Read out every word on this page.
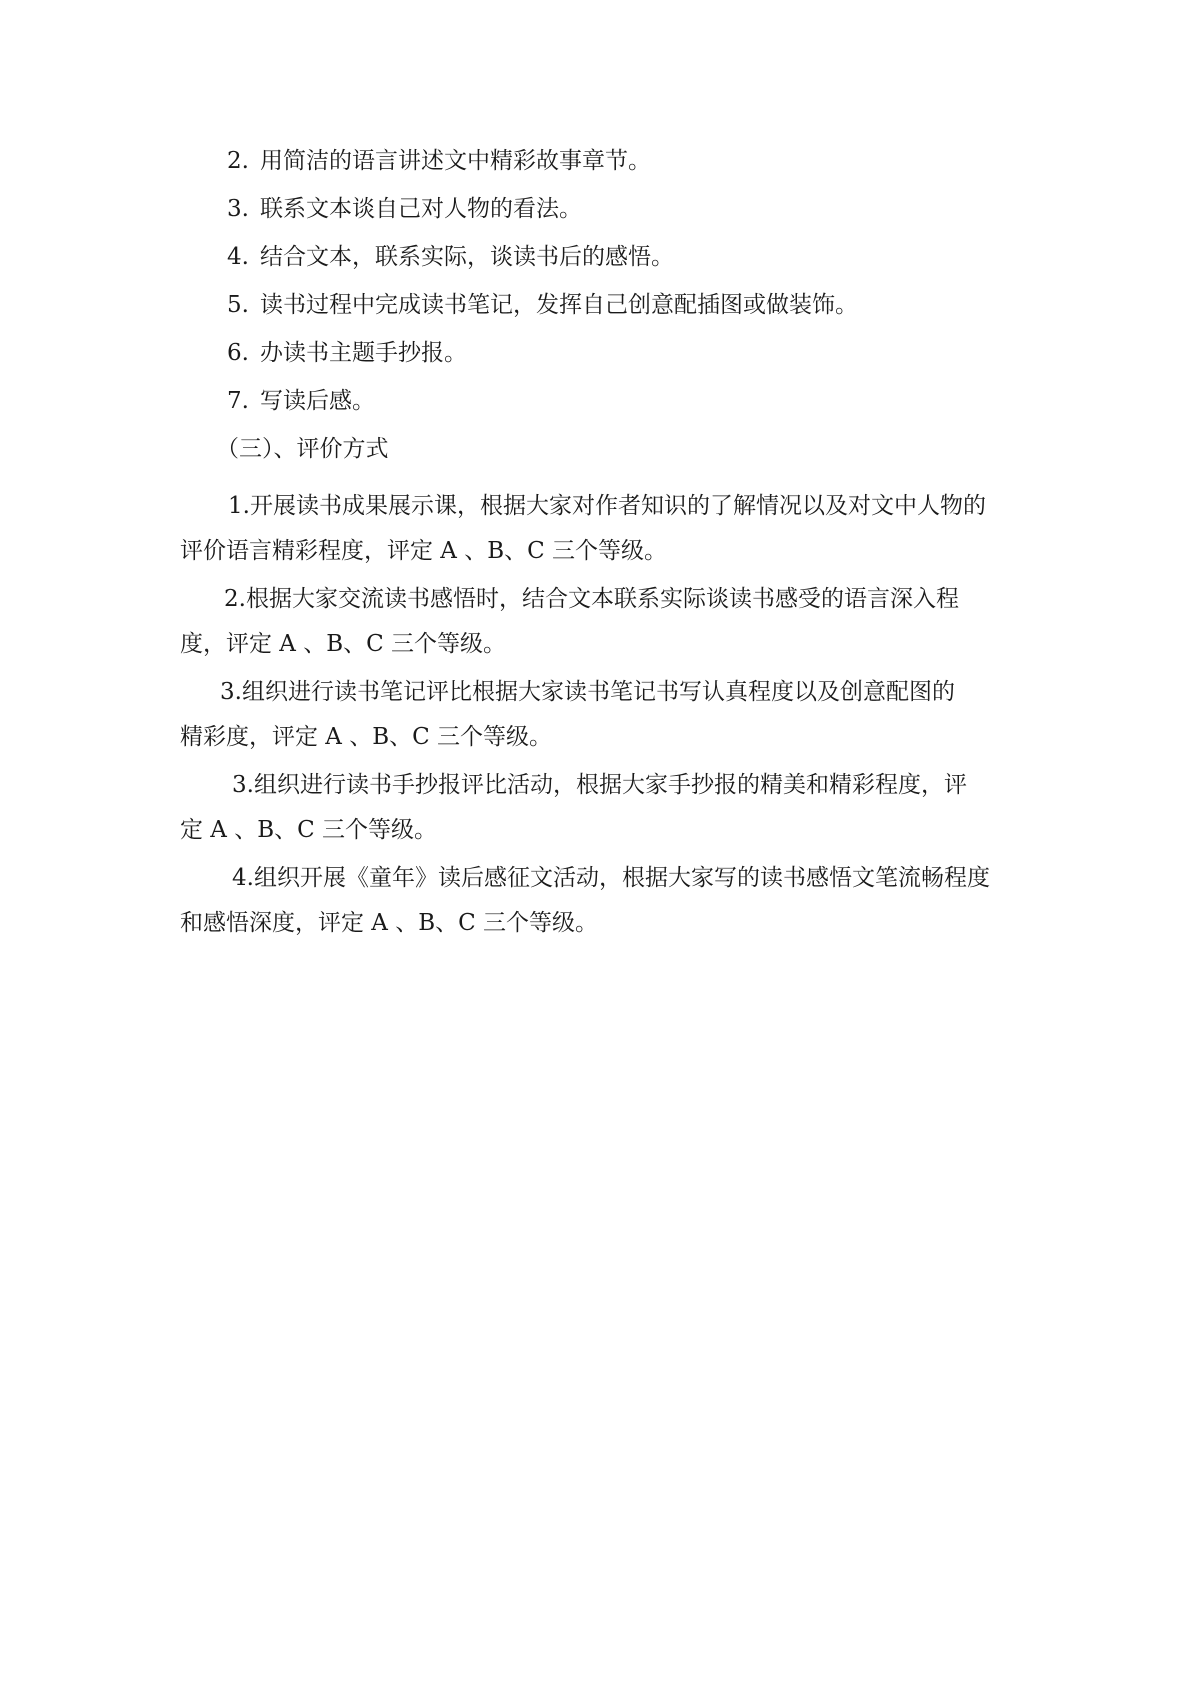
2. 用简洁的语言讲述文中精彩故事章节。
3. 联系文本谈自己对人物的看法。
4. 结合文本，联系实际，谈读书后的感悟。
5. 读书过程中完成读书笔记，发挥自己创意配插图或做装饰。
6. 办读书主题手抄报。
7. 写读后感。
（三）、评价方式
1.开展读书成果展示课，根据大家对作者知识的了解情况以及对文中人物的
评价语言精彩程度，评定 A 、B、C 三个等级。
2.根据大家交流读书感悟时，结合文本联系实际谈读书感受的语言深入程
度，评定 A 、B、C 三个等级。
3.组织进行读书笔记评比根据大家读书笔记书写认真程度以及创意配图的
精彩度，评定 A 、B、C 三个等级。
3.组织进行读书手抄报评比活动，根据大家手抄报的精美和精彩程度，评
定 A 、B、C 三个等级。
4.组织开展《童年》读后感征文活动，根据大家写的读书感悟文笔流畅程度
和感悟深度，评定 A 、B、C 三个等级。
